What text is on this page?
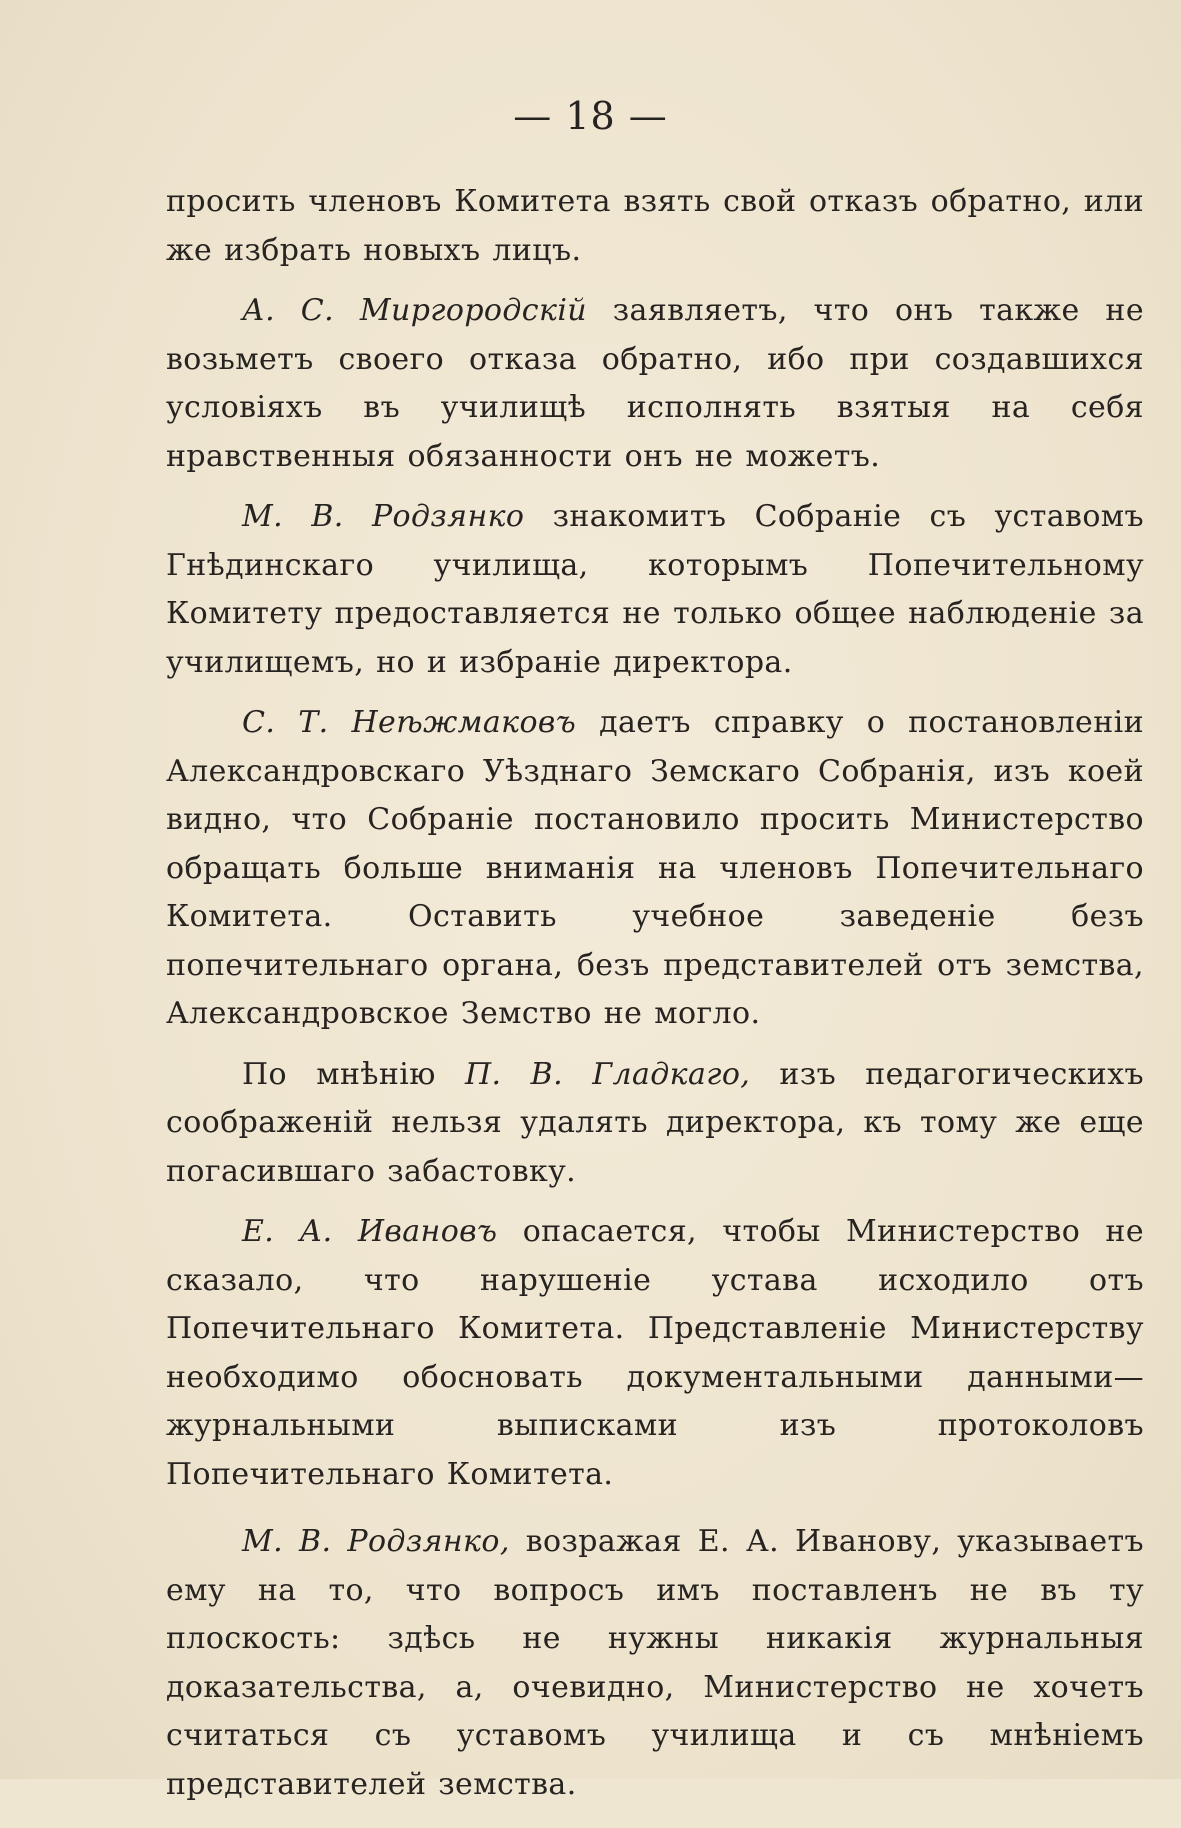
— 18 —

просить членовъ Комитета взять свой отказъ обратно, или же избрать новыхъ лицъ.

А. С. Миргородскій заявляетъ, что онъ также не возьметъ своего отказа обратно, ибо при создавшихся условіяхъ въ училищѣ исполнять взятыя на себя нравственныя обязанности онъ не можетъ.

М. В. Родзянко знакомитъ Собраніе съ уставомъ Гнѣдинскаго училища, которымъ Попечительному Комитету предоставляется не только общее наблюденіе за училищемъ, но и избраніе директора.

С. Т. Неѣжмаковъ даетъ справку о постановленіи Александровскаго Уѣзднаго Земскаго Собранія, изъ коей видно, что Собраніе постановило просить Министерство обращать больше вниманія на членовъ Попечительнаго Комитета. Оставить учебное заведеніе безъ попечительнаго органа, безъ представителей отъ земства, Александровское Земство не могло.

По мнѣнію П. В. Гладкаго, изъ педагогическихъ соображеній нельзя удалять директора, къ тому же еще погасившаго забастовку.

Е. А. Ивановъ опасается, чтобы Министерство не сказало, что нарушеніе устава исходило отъ Попечительнаго Комитета. Представленіе Министерству необходимо обосновать документальными данными—журнальными выписками изъ протоколовъ Попечительнаго Комитета.

М. В. Родзянко, возражая Е. А. Иванову, указываетъ ему на то, что вопросъ имъ поставленъ не въ ту плоскость: здѣсь не нужны никакія журнальныя доказательства, а, очевидно, Министерство не хочетъ считаться съ уставомъ училища и съ мнѣніемъ представителей земства.
